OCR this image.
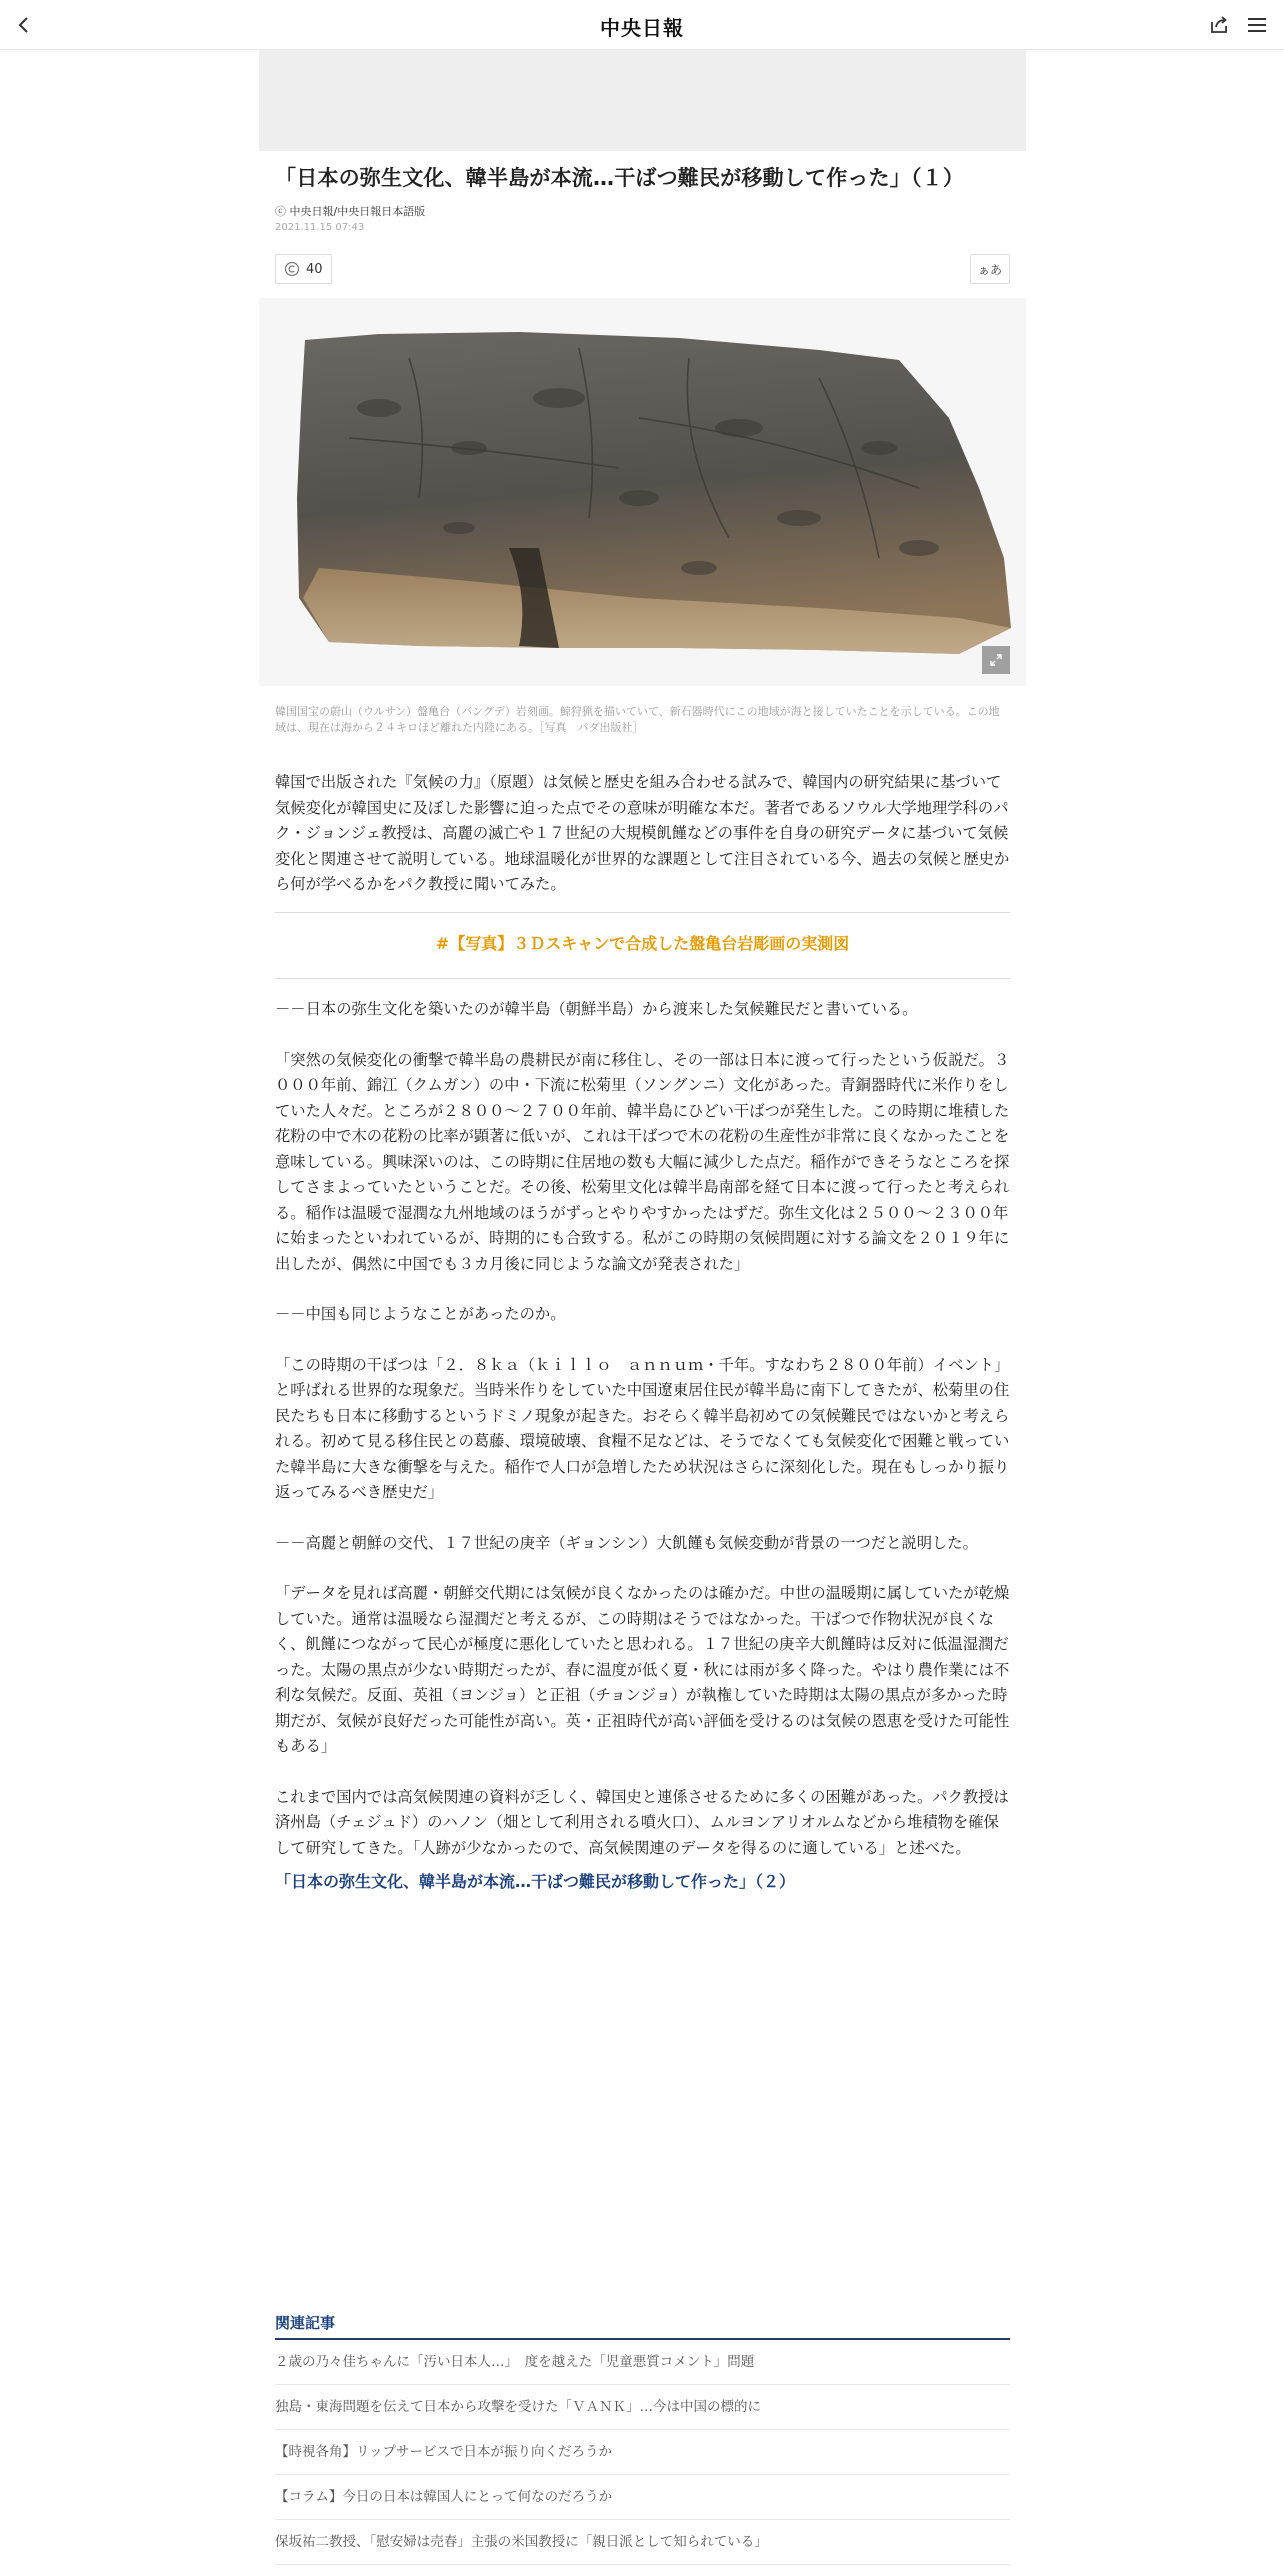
中央日報
「日本の弥生文化、韓半島が本流…干ばつ難民が移動して作った」（１）
ⓒ 中央日報/中央日報日本語版
2021.11.15 07:43
40	ぁあ
韓国国宝の蔚山（ウルサン）盤亀台（バングデ）岩刻画。鯨狩猟を描いていて、新石器時代にこの地域が海と接していたことを示している。この地域は、現在は海から２４キロほど離れた内陸にある。［写真　パダ出版社］

韓国で出版された『気候の力』（原題）は気候と歴史を組み合わせる試みで、韓国内の研究結果に基づいて気候変化が韓国史に及ぼした影響に迫った点でその意味が明確な本だ。著者であるソウル大学地理学科のパク・ジョンジェ教授は、高麗の滅亡や１７世紀の大規模飢饉などの事件を自身の研究データに基づいて気候変化と関連させて説明している。地球温暖化が世界的な課題として注目されている今、過去の気候と歴史から何が学べるかをパク教授に聞いてみた。

#【写真】３Ｄスキャンで合成した盤亀台岩彫画の実測図

－－日本の弥生文化を築いたのが韓半島（朝鮮半島）から渡来した気候難民だと書いている。

「突然の気候変化の衝撃で韓半島の農耕民が南に移住し、その一部は日本に渡って行ったという仮説だ。３０００年前、錦江（クムガン）の中・下流に松菊里（ソングンニ）文化があった。青銅器時代に米作りをしていた人々だ。ところが２８００～２７００年前、韓半島にひどい干ばつが発生した。この時期に堆積した花粉の中で木の花粉の比率が顕著に低いが、これは干ばつで木の花粉の生産性が非常に良くなかったことを意味している。興味深いのは、この時期に住居地の数も大幅に減少した点だ。稲作ができそうなところを探してさまよっていたということだ。その後、松菊里文化は韓半島南部を経て日本に渡って行ったと考えられる。稲作は温暖で湿潤な九州地域のほうがずっとやりやすかったはずだ。弥生文化は２５００～２３００年に始まったといわれているが、時期的にも合致する。私がこの時期の気候問題に対する論文を２０１９年に出したが、偶然に中国でも３カ月後に同じような論文が発表された」

－－中国も同じようなことがあったのか。

「この時期の干ばつは「２．８ｋａ（ｋｉｌｌｏ　ａｎｎｕｍ・千年。すなわち２８００年前）イベント」と呼ばれる世界的な現象だ。当時米作りをしていた中国遼東居住民が韓半島に南下してきたが、松菊里の住民たちも日本に移動するというドミノ現象が起きた。おそらく韓半島初めての気候難民ではないかと考えられる。初めて見る移住民との葛藤、環境破壊、食糧不足などは、そうでなくても気候変化で困難と戦っていた韓半島に大きな衝撃を与えた。稲作で人口が急増したため状況はさらに深刻化した。現在もしっかり振り返ってみるべき歴史だ」

－－高麗と朝鮮の交代、１７世紀の庚辛（ギョンシン）大飢饉も気候変動が背景の一つだと説明した。

「データを見れば高麗・朝鮮交代期には気候が良くなかったのは確かだ。中世の温暖期に属していたが乾燥していた。通常は温暖なら湿潤だと考えるが、この時期はそうではなかった。干ばつで作物状況が良くなく、飢饉につながって民心が極度に悪化していたと思われる。１７世紀の庚辛大飢饉時は反対に低温湿潤だった。太陽の黒点が少ない時期だったが、春に温度が低く夏・秋には雨が多く降った。やはり農作業には不利な気候だ。反面、英祖（ヨンジョ）と正祖（チョンジョ）が執権していた時期は太陽の黒点が多かった時期だが、気候が良好だった可能性が高い。英・正祖時代が高い評価を受けるのは気候の恩恵を受けた可能性もある」

これまで国内では高気候関連の資料が乏しく、韓国史と連係させるために多くの困難があった。パク教授は済州島（チェジュド）のハノン（畑として利用される噴火口）、ムルヨンアリオルムなどから堆積物を確保して研究してきた。「人跡が少なかったので、高気候関連のデータを得るのに適している」と述べた。

「日本の弥生文化、韓半島が本流…干ばつ難民が移動して作った」（２）
関連記事
２歳の乃々佳ちゃんに「汚い日本人…」　度を越えた「児童悪質コメント」問題
独島・東海問題を伝えて日本から攻撃を受けた「ＶＡＮＫ」…今は中国の標的に
【時視各角】リップサービスで日本が振り向くだろうか
【コラム】今日の日本は韓国人にとって何なのだろうか
保坂祐二教授、「慰安婦は売春」主張の米国教授に「親日派として知られている」
